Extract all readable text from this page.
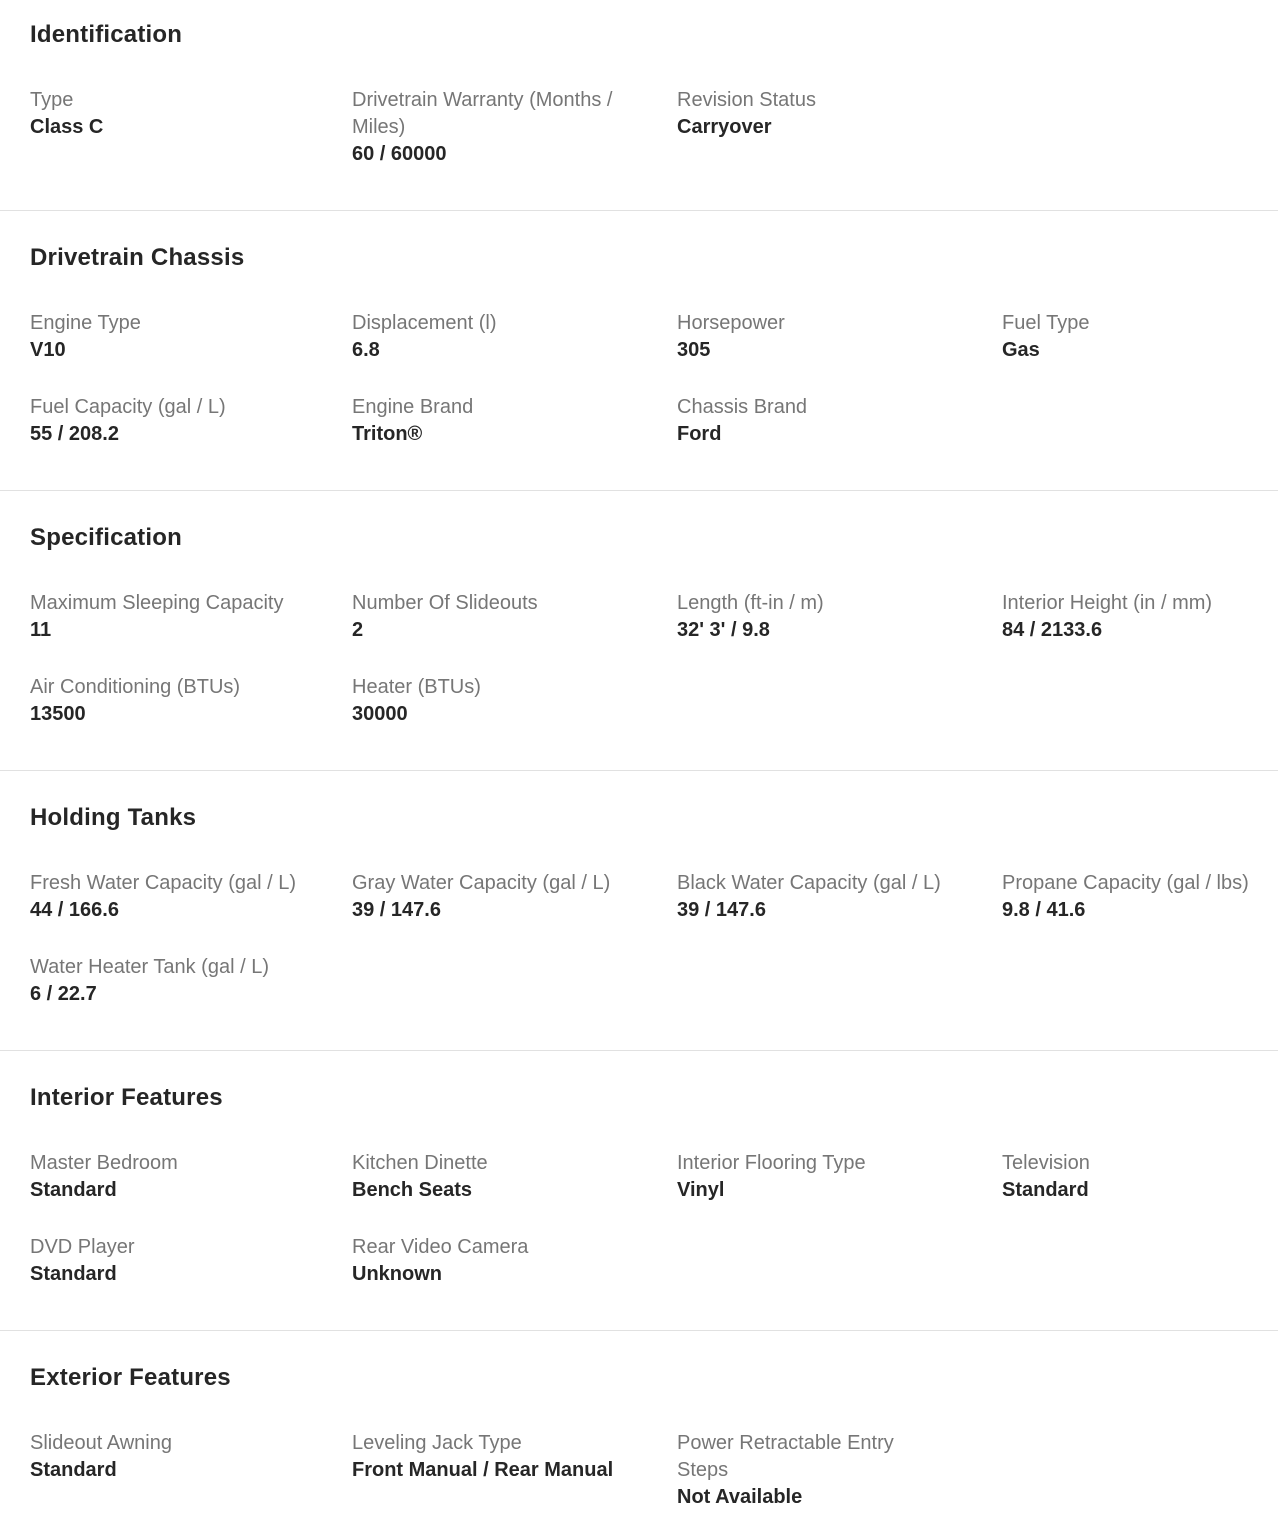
Identification
Type
Class C
Drivetrain Warranty (Months / Miles)
60 / 60000
Revision Status
Carryover
Drivetrain Chassis
Engine Type
V10
Displacement (l)
6.8
Horsepower
305
Fuel Type
Gas
Fuel Capacity (gal / L)
55 / 208.2
Engine Brand
Triton®
Chassis Brand
Ford
Specification
Maximum Sleeping Capacity
11
Number Of Slideouts
2
Length (ft-in / m)
32' 3' / 9.8
Interior Height (in / mm)
84 / 2133.6
Air Conditioning (BTUs)
13500
Heater (BTUs)
30000
Holding Tanks
Fresh Water Capacity (gal / L)
44 / 166.6
Gray Water Capacity (gal / L)
39 / 147.6
Black Water Capacity (gal / L)
39 / 147.6
Propane Capacity (gal / lbs)
9.8 / 41.6
Water Heater Tank (gal / L)
6 / 22.7
Interior Features
Master Bedroom
Standard
Kitchen Dinette
Bench Seats
Interior Flooring Type
Vinyl
Television
Standard
DVD Player
Standard
Rear Video Camera
Unknown
Exterior Features
Slideout Awning
Standard
Leveling Jack Type
Front Manual / Rear Manual
Power Retractable Entry Steps
Not Available
